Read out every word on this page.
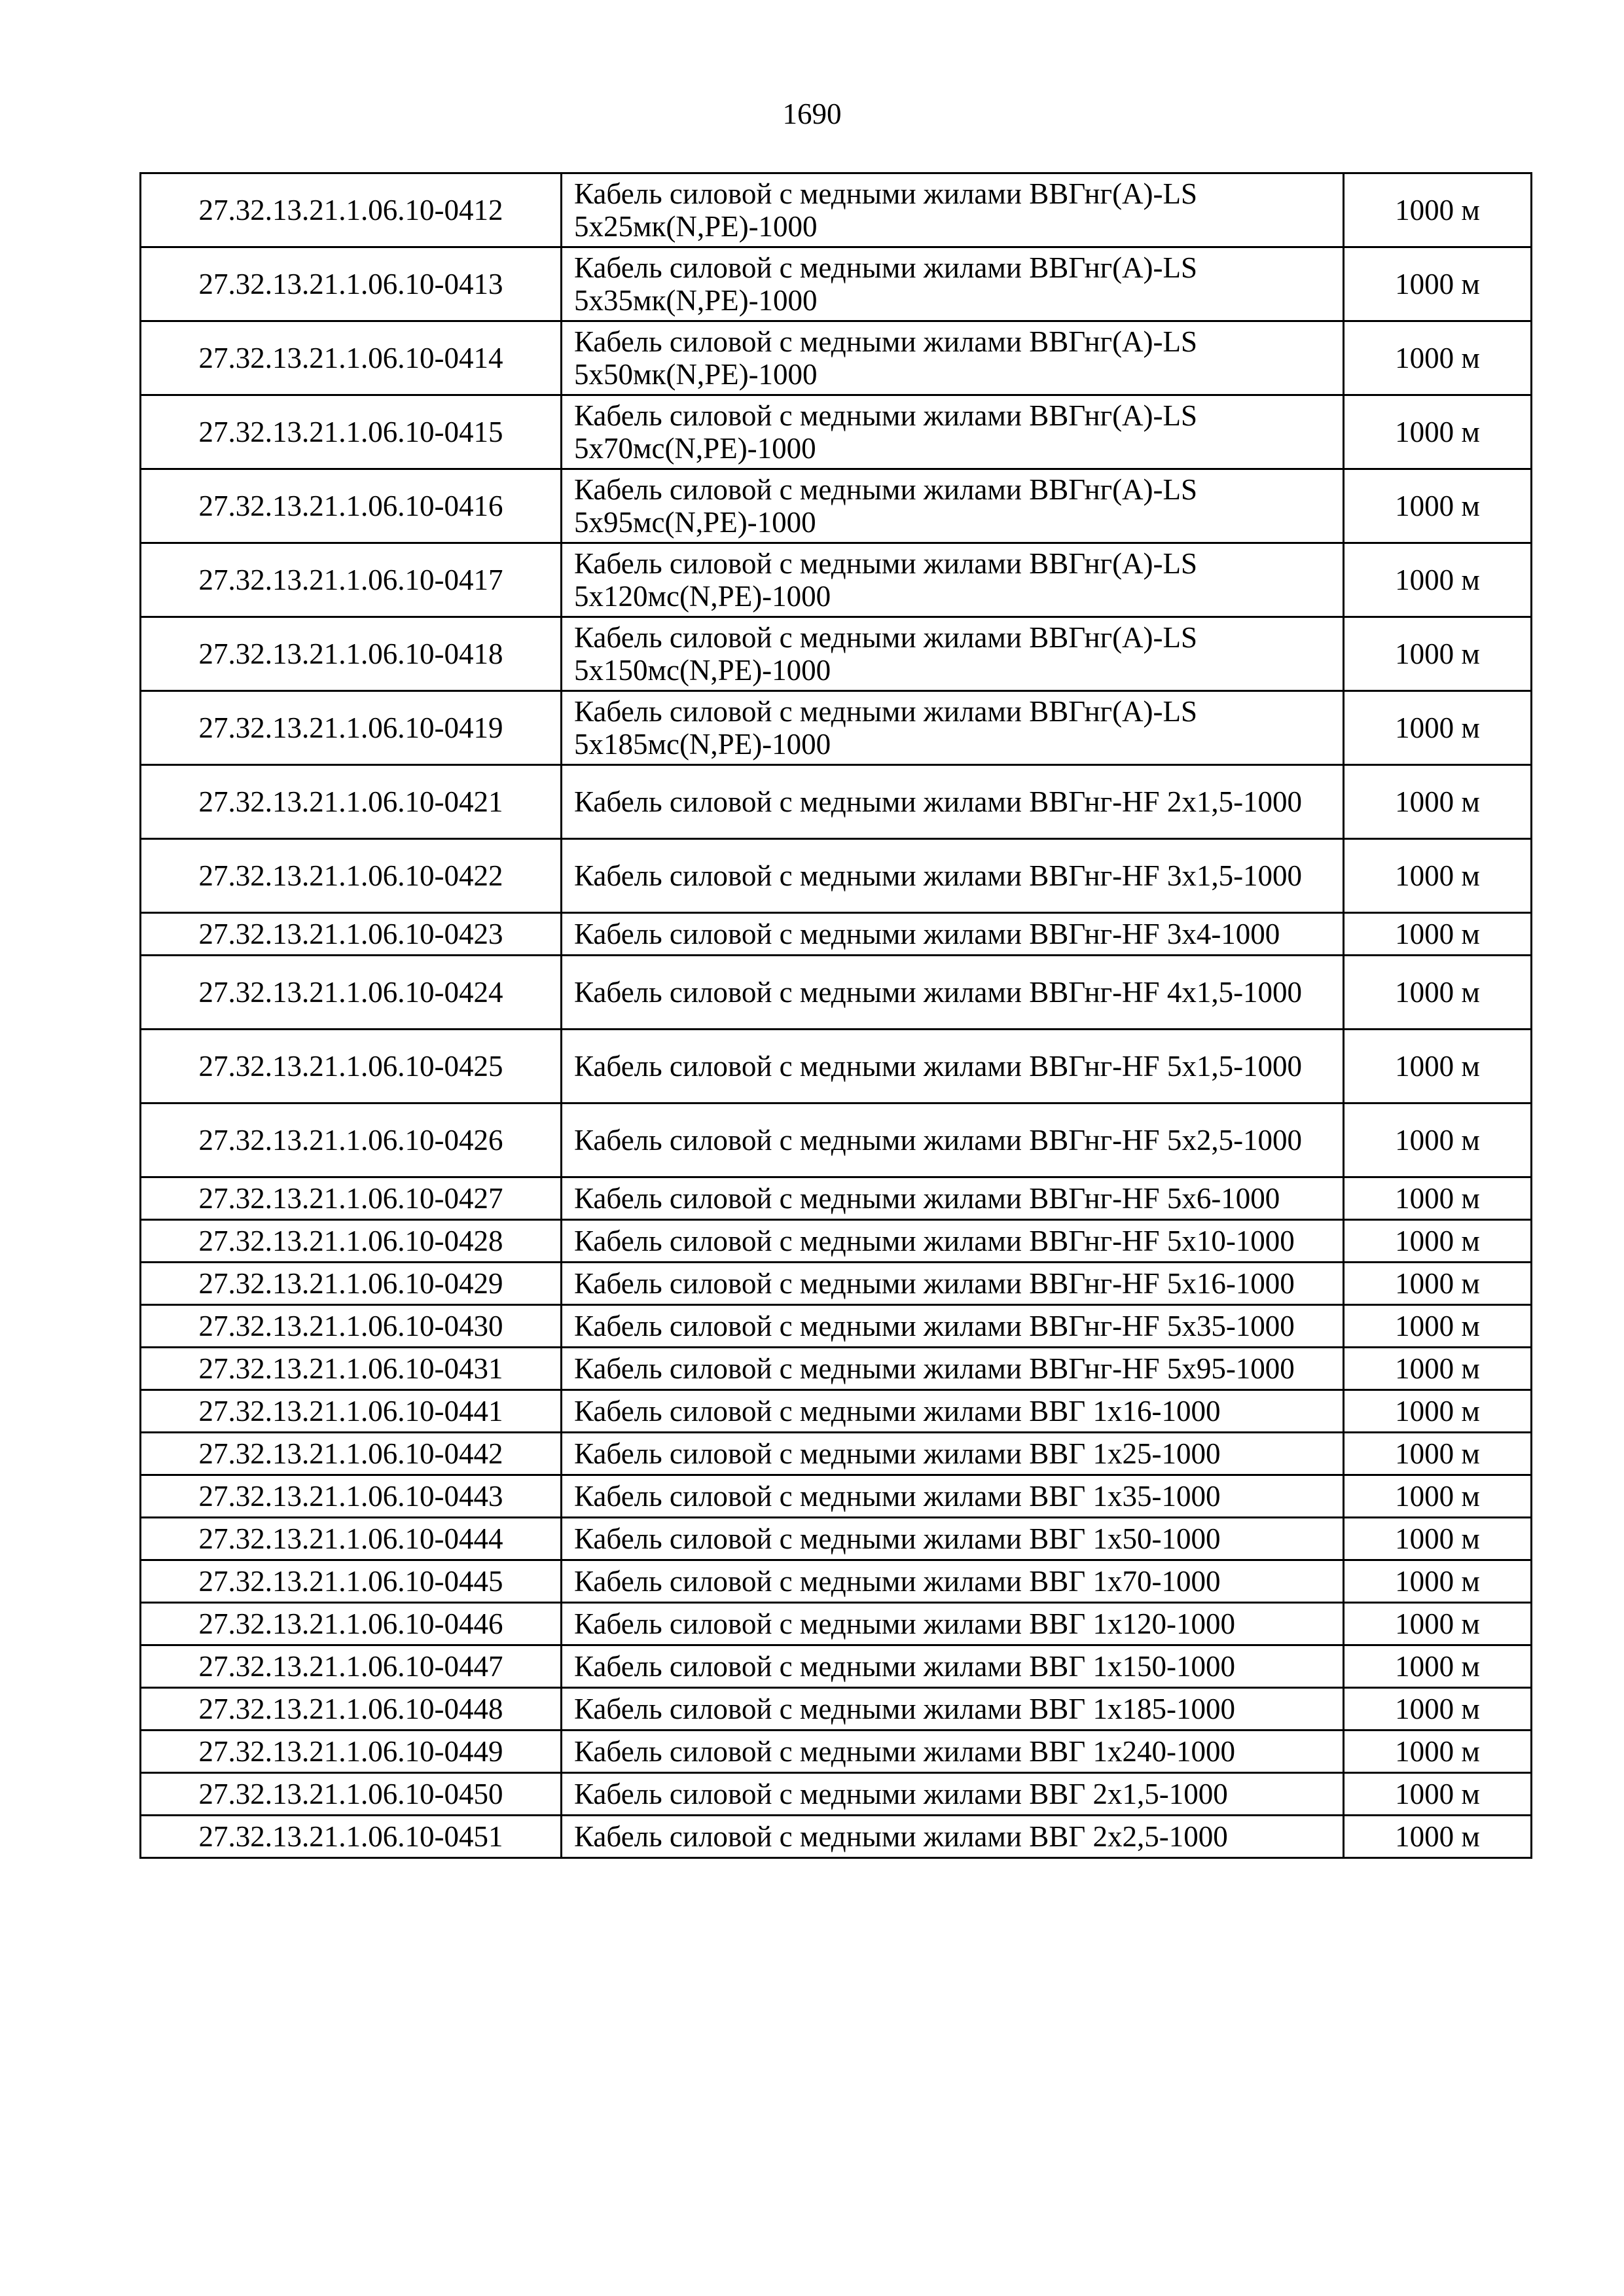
1690
27.32.13.21.1.06.10-0412	Кабель силовой с медными жилами ВВГнг(А)-LS 5х25мк(N,PE)-1000	1000 м
27.32.13.21.1.06.10-0413	Кабель силовой с медными жилами ВВГнг(А)-LS 5х35мк(N,PE)-1000	1000 м
27.32.13.21.1.06.10-0414	Кабель силовой с медными жилами ВВГнг(А)-LS 5х50мк(N,PE)-1000	1000 м
27.32.13.21.1.06.10-0415	Кабель силовой с медными жилами ВВГнг(А)-LS 5х70мс(N,PE)-1000	1000 м
27.32.13.21.1.06.10-0416	Кабель силовой с медными жилами ВВГнг(А)-LS 5х95мс(N,PE)-1000	1000 м
27.32.13.21.1.06.10-0417	Кабель силовой с медными жилами ВВГнг(А)-LS 5х120мс(N,PE)-1000	1000 м
27.32.13.21.1.06.10-0418	Кабель силовой с медными жилами ВВГнг(А)-LS 5х150мс(N,PE)-1000	1000 м
27.32.13.21.1.06.10-0419	Кабель силовой с медными жилами ВВГнг(А)-LS 5х185мс(N,PE)-1000	1000 м
27.32.13.21.1.06.10-0421	Кабель силовой с медными жилами ВВГнг-HF 2х1,5-1000	1000 м
27.32.13.21.1.06.10-0422	Кабель силовой с медными жилами ВВГнг-HF 3х1,5-1000	1000 м
27.32.13.21.1.06.10-0423	Кабель силовой с медными жилами ВВГнг-HF 3х4-1000	1000 м
27.32.13.21.1.06.10-0424	Кабель силовой с медными жилами ВВГнг-HF 4х1,5-1000	1000 м
27.32.13.21.1.06.10-0425	Кабель силовой с медными жилами ВВГнг-HF 5х1,5-1000	1000 м
27.32.13.21.1.06.10-0426	Кабель силовой с медными жилами ВВГнг-HF 5х2,5-1000	1000 м
27.32.13.21.1.06.10-0427	Кабель силовой с медными жилами ВВГнг-HF 5х6-1000	1000 м
27.32.13.21.1.06.10-0428	Кабель силовой с медными жилами ВВГнг-HF 5х10-1000	1000 м
27.32.13.21.1.06.10-0429	Кабель силовой с медными жилами ВВГнг-HF 5х16-1000	1000 м
27.32.13.21.1.06.10-0430	Кабель силовой с медными жилами ВВГнг-HF 5х35-1000	1000 м
27.32.13.21.1.06.10-0431	Кабель силовой с медными жилами ВВГнг-HF 5х95-1000	1000 м
27.32.13.21.1.06.10-0441	Кабель силовой с медными жилами ВВГ 1х16-1000	1000 м
27.32.13.21.1.06.10-0442	Кабель силовой с медными жилами ВВГ 1х25-1000	1000 м
27.32.13.21.1.06.10-0443	Кабель силовой с медными жилами ВВГ 1х35-1000	1000 м
27.32.13.21.1.06.10-0444	Кабель силовой с медными жилами ВВГ 1х50-1000	1000 м
27.32.13.21.1.06.10-0445	Кабель силовой с медными жилами ВВГ 1х70-1000	1000 м
27.32.13.21.1.06.10-0446	Кабель силовой с медными жилами ВВГ 1х120-1000	1000 м
27.32.13.21.1.06.10-0447	Кабель силовой с медными жилами ВВГ 1х150-1000	1000 м
27.32.13.21.1.06.10-0448	Кабель силовой с медными жилами ВВГ 1х185-1000	1000 м
27.32.13.21.1.06.10-0449	Кабель силовой с медными жилами ВВГ 1х240-1000	1000 м
27.32.13.21.1.06.10-0450	Кабель силовой с медными жилами ВВГ 2х1,5-1000	1000 м
27.32.13.21.1.06.10-0451	Кабель силовой с медными жилами ВВГ 2х2,5-1000	1000 м
